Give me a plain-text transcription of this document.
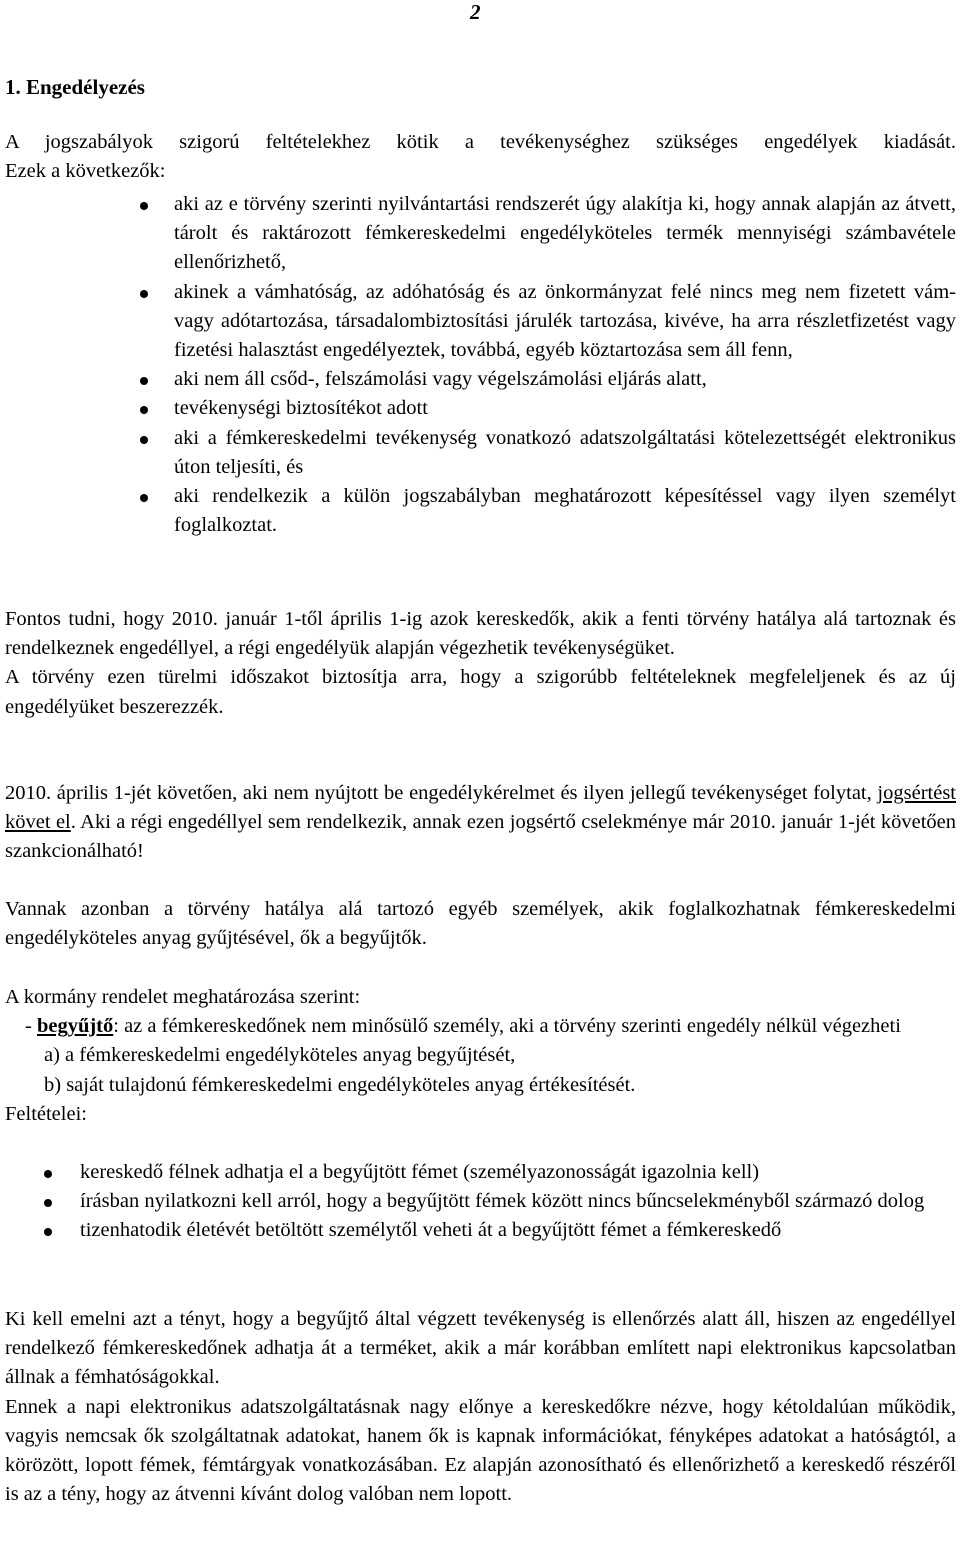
2
1. Engedélyezés

A jogszabályok szigorú feltételekhez kötik a tevékenységhez szükséges engedélyek kiadását.

Ezek a következők:

aki az e törvény szerinti nyilvántartási rendszerét úgy alakítja ki, hogy annak alapján az átvett, tárolt és raktározott fémkereskedelmi engedélyköteles termék mennyiségi számbavétele ellenőrizhető,
akinek a vámhatóság, az adóhatóság és az önkormányzat felé nincs meg nem fizetett vám- vagy adótartozása, társadalombiztosítási járulék tartozása, kivéve, ha arra részletfizetést vagy fizetési halasztást engedélyeztek, továbbá, egyéb köztartozása sem áll fenn,
aki nem áll csőd-, felszámolási vagy végelszámolási eljárás alatt,
tevékenységi biztosítékot adott
aki a fémkereskedelmi tevékenység vonatkozó adatszolgáltatási kötelezettségét elektronikus úton teljesíti, és
aki rendelkezik a külön jogszabályban meghatározott képesítéssel vagy ilyen személyt foglalkoztat.

Fontos tudni, hogy 2010. január 1-től április 1-ig azok kereskedők, akik a fenti törvény hatálya alá tartoznak és rendelkeznek engedéllyel, a régi engedélyük alapján végezhetik tevékenységüket.

A törvény ezen türelmi időszakot biztosítja arra, hogy a szigorúbb feltételeknek megfeleljenek és az új engedélyüket beszerezzék.

2010. április 1-jét követően, aki nem nyújtott be engedélykérelmet és ilyen jellegű tevékenységet folytat, jogsértést követ el. Aki a régi engedéllyel sem rendelkezik, annak ezen jogsértő cselekménye már 2010. január 1-jét követően szankcionálható!

Vannak azonban a törvény hatálya alá tartozó egyéb személyek, akik foglalkozhatnak fémkereskedelmi engedélyköteles anyag gyűjtésével, ők a begyűjtők.

A kormány rendelet meghatározása szerint:

- begyűjtő: az a fémkereskedőnek nem minősülő személy, aki a törvény szerinti engedély nélkül végezheti

a) a fémkereskedelmi engedélyköteles anyag begyűjtését,

b) saját tulajdonú fémkereskedelmi engedélyköteles anyag értékesítését.

Feltételei:

kereskedő félnek adhatja el a begyűjtött fémet (személyazonosságát igazolnia kell)
írásban nyilatkozni kell arról, hogy a begyűjtött fémek között nincs bűncselekményből származó dolog
tizenhatodik életévét betöltött személytől veheti át a begyűjtött fémet a fémkereskedő

Ki kell emelni azt a tényt, hogy a begyűjtő által végzett tevékenység is ellenőrzés alatt áll, hiszen az engedéllyel rendelkező fémkereskedőnek adhatja át a terméket, akik a már korábban említett napi elektronikus kapcsolatban állnak a fémhatóságokkal.

Ennek a napi elektronikus adatszolgáltatásnak nagy előnye a kereskedőkre nézve, hogy kétoldalúan működik, vagyis nemcsak ők szolgáltatnak adatokat, hanem ők is kapnak információkat, fényképes adatokat a hatóságtól, a körözött, lopott fémek, fémtárgyak vonatkozásában. Ez alapján azonosítható és ellenőrizhető a kereskedő részéről is az a tény, hogy az átvenni kívánt dolog valóban nem lopott.
